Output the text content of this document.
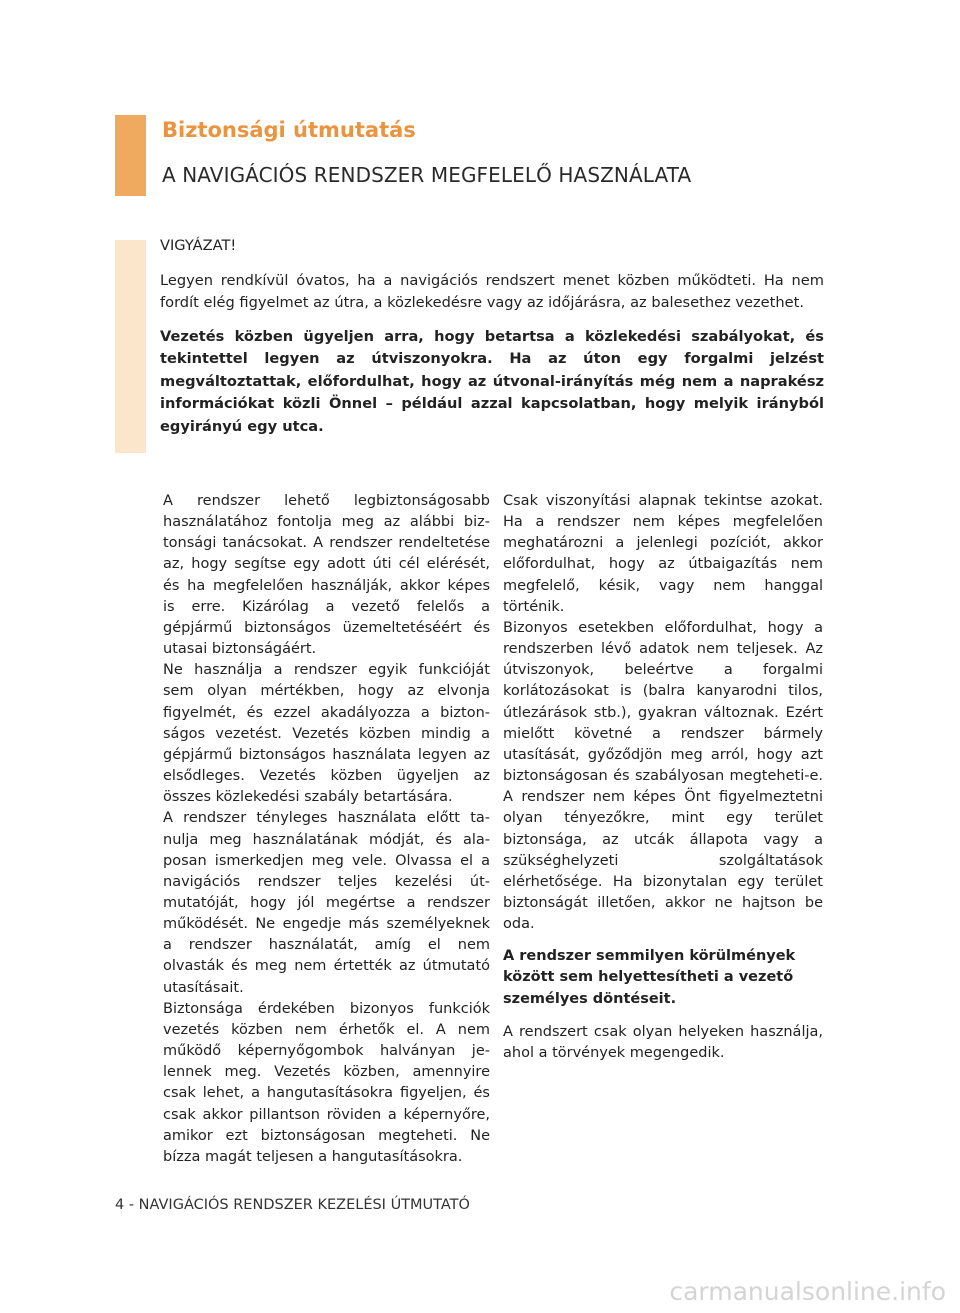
Biztonsági útmutatás
A NAVIGÁCIÓS RENDSZER MEGFELELŐ HASZNÁLATA

VIGYÁZAT!

Legyen rendkívül óvatos, ha a navigációs rendszert menet közben működteti. Ha nem fordít elég figyelmet az útra, a közlekedésre vagy az időjárásra, az balesethez vezethet.

Vezetés közben ügyeljen arra, hogy betartsa a közlekedési szabályokat, és tekintettel legyen az útviszonyokra. Ha az úton egy forgalmi jelzést megváltoztattak, előfordulhat, hogy az útvonal-irányítás még nem a naprakész információkat közli Önnel – például azzal kapcsolatban, hogy melyik irányból egyirányú egy utca.

A rendszer lehető legbiztonságosabb használatához fontolja meg az alábbi biztonsági tanácsokat. A rendszer rendeltetése az, hogy segítse egy adott úti cél elérését, és ha megfelelően használják, akkor képes is erre. Kizárólag a vezető felelős a gépjármű biztonságos üzemeltetéséért és utasai biztonságáért.

Ne használja a rendszer egyik funkcióját sem olyan mértékben, hogy az elvonja figyelmét, és ezzel akadályozza a biztonságos vezetést. Vezetés közben mindig a gépjármű biztonságos használata legyen az elsődleges. Vezetés közben ügyeljen az összes közlekedési szabály betartására.

A rendszer tényleges használata előtt tanulja meg használatának módját, és alaposan ismerkedjen meg vele. Olvassa el a navigációs rendszer teljes kezelési útmutatóját, hogy jól megértse a rendszer működését. Ne engedje más személyeknek a rendszer használatát, amíg el nem olvasták és meg nem értették az útmutató utasításait.

Biztonsága érdekében bizonyos funkciók vezetés közben nem érhetők el. A nem működő képernyőgombok halványan jelennek meg. Vezetés közben, amennyire csak lehet, a hangutasításokra figyeljen, és csak akkor pillantson röviden a képernyőre, amikor ezt biztonságosan megteheti. Ne bízza magát teljesen a hangutasításokra.

Csak viszonyítási alapnak tekintse azokat. Ha a rendszer nem képes megfelelően meghatározni a jelenlegi pozíciót, akkor előfordulhat, hogy az útbaigazítás nem megfelelő, késik, vagy nem hanggal történik.

Bizonyos esetekben előfordulhat, hogy a rendszerben lévő adatok nem teljesek. Az útviszonyok, beleértve a forgalmi korlátozásokat is (balra kanyarodni tilos, útlezárások stb.), gyakran változnak. Ezért mielőtt követné a rendszer bármely utasítását, győződjön meg arról, hogy azt biztonságosan és szabályosan megteheti-e. A rendszer nem képes Önt figyelmeztetni olyan tényezőkre, mint egy terület biztonsága, az utcák állapota vagy a szükséghelyzeti szolgáltatások elérhetősége. Ha bizonytalan egy terület biztonságát illetően, akkor ne hajtson be oda.

A rendszer semmilyen körülmények között sem helyettesítheti a vezető személyes döntéseit.

A rendszert csak olyan helyeken használja, ahol a törvények megengedik.

4 - NAVIGÁCIÓS RENDSZER KEZELÉSI ÚTMUTATÓ
carmanualsonline.info
